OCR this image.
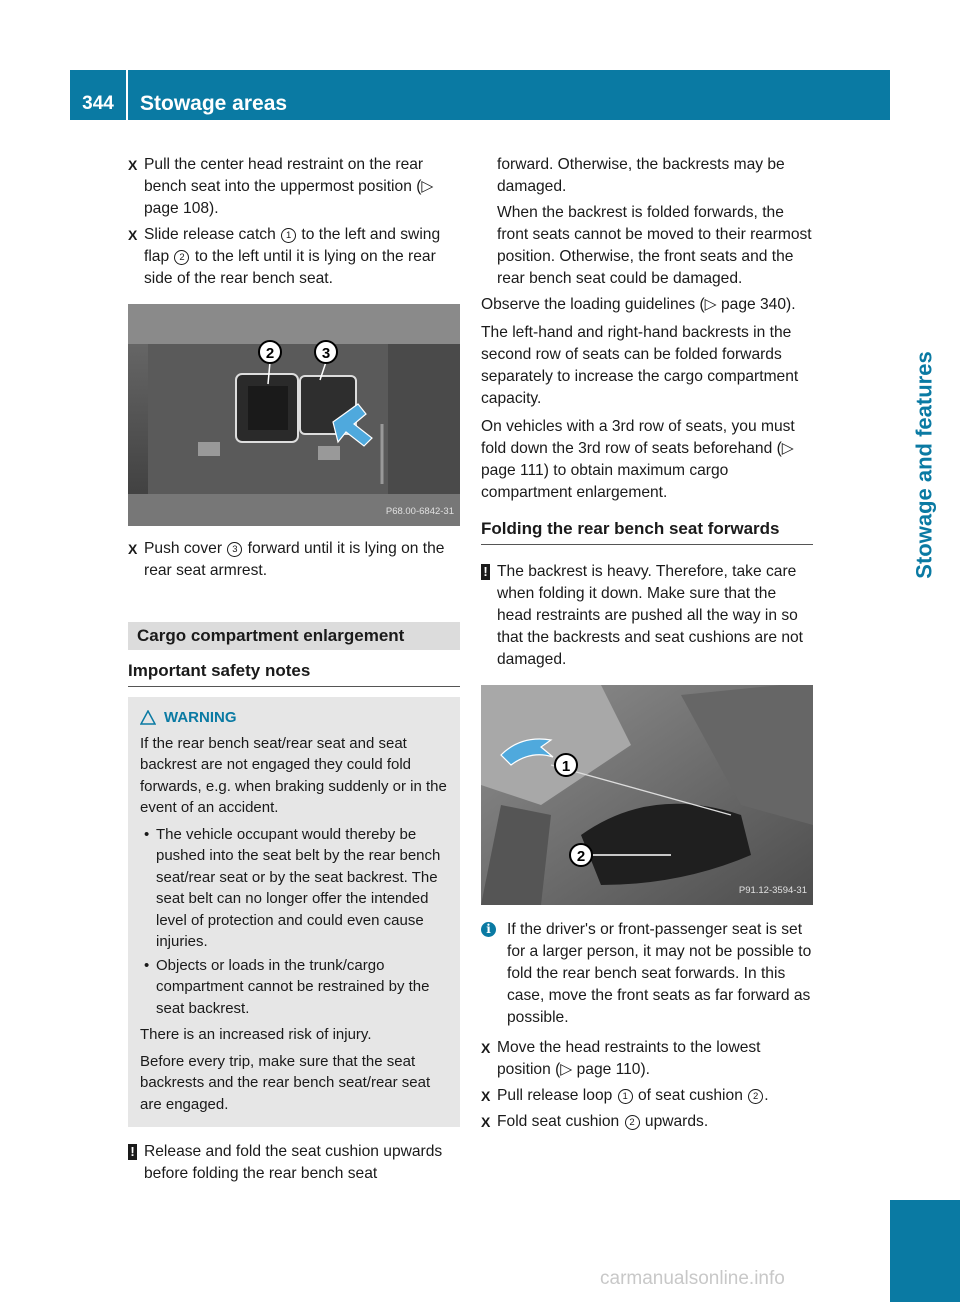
344	Stowage areas
Stowage and features
X Pull the center head restraint on the rear bench seat into the uppermost position (▷ page 108).
X Slide release catch 1 to the left and swing flap 2 to the left until it is lying on the rear side of the rear bench seat.
2	3
P68.00-6842-31
X Push cover 3 forward until it is lying on the rear seat armrest.
Cargo compartment enlargement
Important safety notes
WARNING
If the rear bench seat/rear seat and seat backrest are not engaged they could fold forwards, e.g. when braking suddenly or in the event of an accident.
• The vehicle occupant would thereby be pushed into the seat belt by the rear bench seat/rear seat or by the seat backrest. The seat belt can no longer offer the intended level of protection and could even cause injuries.
• Objects or loads in the trunk/cargo compartment cannot be restrained by the seat backrest.
There is an increased risk of injury.
Before every trip, make sure that the seat backrests and the rear bench seat/rear seat are engaged.
! Release and fold the seat cushion upwards before folding the rear bench seat
forward. Otherwise, the backrests may be damaged.
When the backrest is folded forwards, the front seats cannot be moved to their rearmost position. Otherwise, the front seats and the rear bench seat could be damaged.
Observe the loading guidelines (▷ page 340).
The left-hand and right-hand backrests in the second row of seats can be folded forwards separately to increase the cargo compartment capacity.
On vehicles with a 3rd row of seats, you must fold down the 3rd row of seats beforehand (▷ page 111) to obtain maximum cargo compartment enlargement.
Folding the rear bench seat forwards
! The backrest is heavy. Therefore, take care when folding it down. Make sure that the head restraints are pushed all the way in so that the backrests and seat cushions are not damaged.
1
2
P91.12-3594-31
i	If the driver's or front-passenger seat is set for a larger person, it may not be possible to fold the rear bench seat forwards. In this case, move the front seats as far forward as possible.
X Move the head restraints to the lowest position (▷ page 110).
X Pull release loop 1 of seat cushion 2 .
X Fold seat cushion 2 upwards.
carmanualsonline.info
